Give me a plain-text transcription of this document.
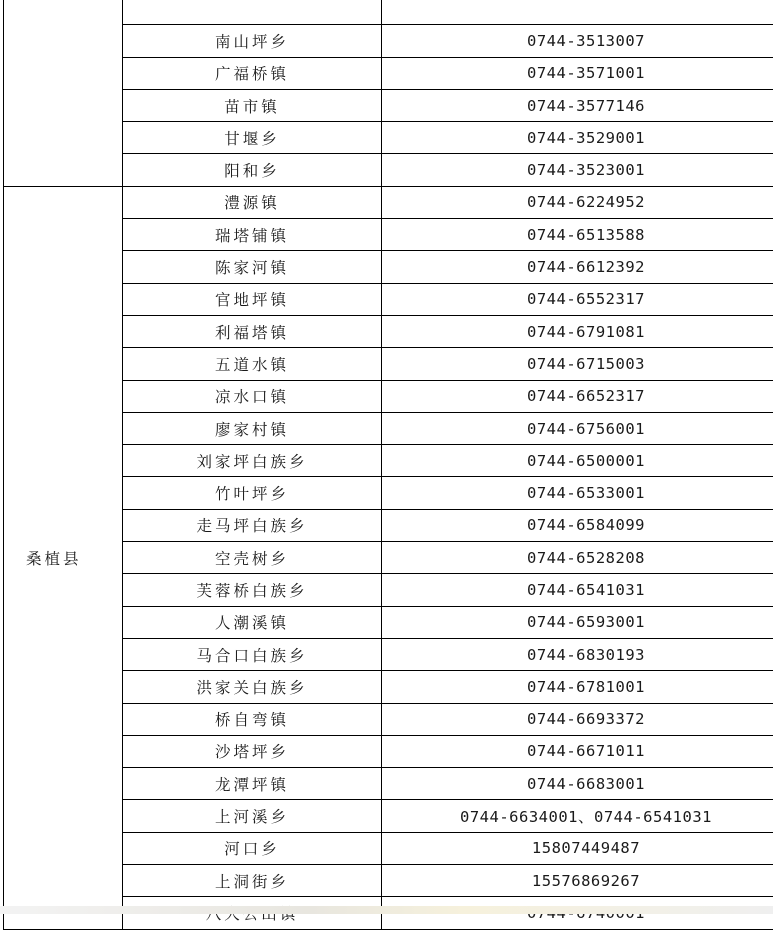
	南山坪乡	0744-3513007
	广福桥镇	0744-3571001
	苗市镇	0744-3577146
	甘堰乡	0744-3529001
	阳和乡	0744-3523001
桑植县	澧源镇	0744-6224952
	瑞塔铺镇	0744-6513588
	陈家河镇	0744-6612392
	官地坪镇	0744-6552317
	利福塔镇	0744-6791081
	五道水镇	0744-6715003
	凉水口镇	0744-6652317
	廖家村镇	0744-6756001
	刘家坪白族乡	0744-6500001
	竹叶坪乡	0744-6533001
	走马坪白族乡	0744-6584099
	空壳树乡	0744-6528208
	芙蓉桥白族乡	0744-6541031
	人潮溪镇	0744-6593001
	马合口白族乡	0744-6830193
	洪家关白族乡	0744-6781001
	桥自弯镇	0744-6693372
	沙塔坪乡	0744-6671011
	龙潭坪镇	0744-6683001
	上河溪乡	0744-6634001、0744-6541031
	河口乡	15807449487
	上洞街乡	15576869267
